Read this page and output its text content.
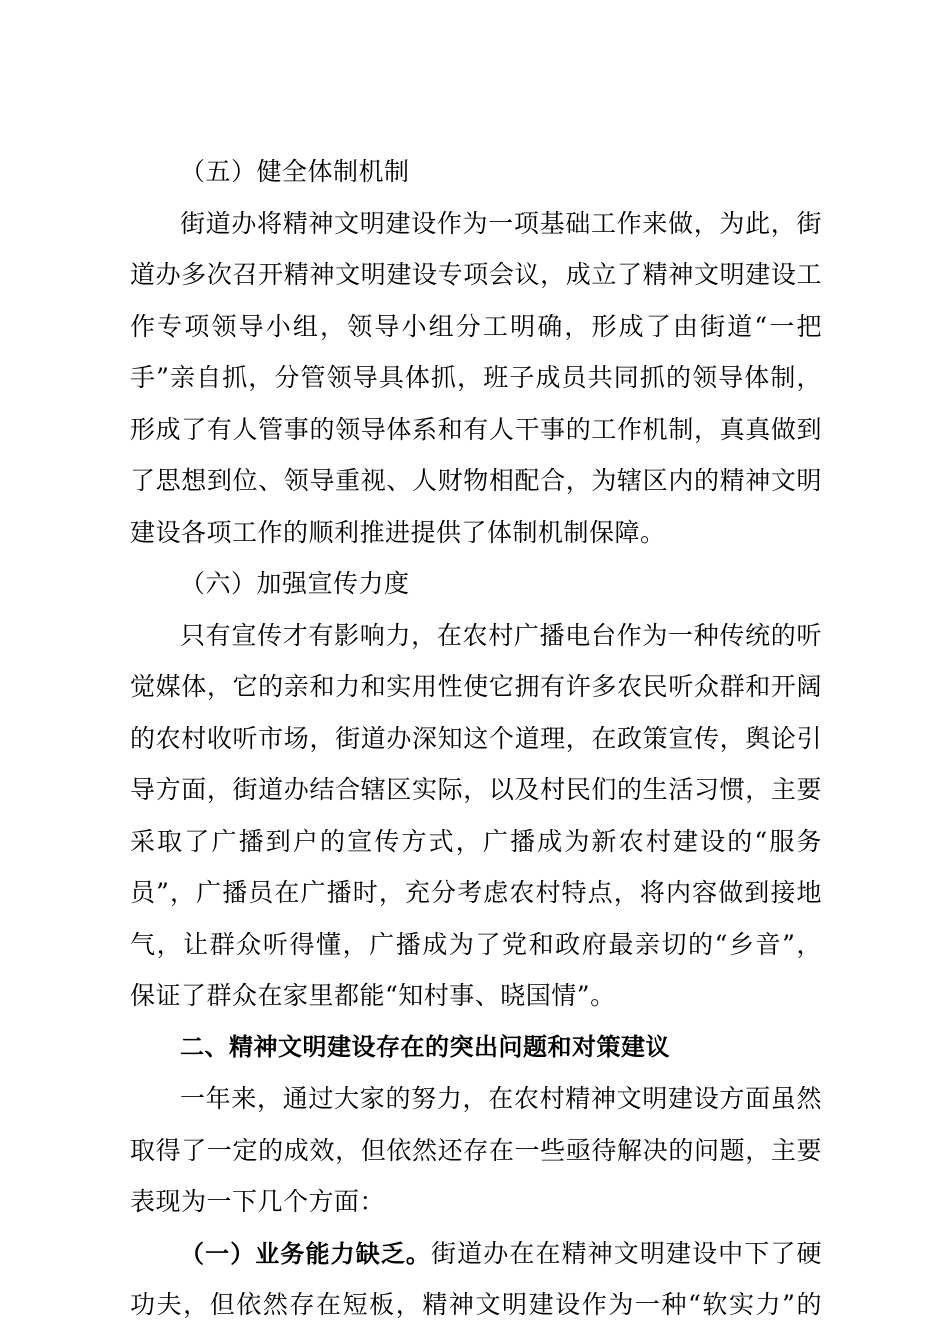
（五）健全体制机制
街道办将精神文明建设作为一项基础工作来做，为此，街
道办多次召开精神文明建设专项会议，成立了精神文明建设工
作专项领导小组，领导小组分工明确，形成了由街道“一把
手”亲自抓，分管领导具体抓，班子成员共同抓的领导体制，
形成了有人管事的领导体系和有人干事的工作机制，真真做到
了思想到位、领导重视、人财物相配合，为辖区内的精神文明
建设各项工作的顺利推进提供了体制机制保障。
（六）加强宣传力度
只有宣传才有影响力，在农村广播电台作为一种传统的听
觉媒体，它的亲和力和实用性使它拥有许多农民听众群和开阔
的农村收听市场，街道办深知这个道理，在政策宣传，舆论引
导方面，街道办结合辖区实际，以及村民们的生活习惯，主要
采取了广播到户的宣传方式，广播成为新农村建设的“服务
员”，广播员在广播时，充分考虑农村特点，将内容做到接地
气，让群众听得懂，广播成为了党和政府最亲切的“乡音”，
保证了群众在家里都能“知村事、晓国情”。
二、精神文明建设存在的突出问题和对策建议
一年来，通过大家的努力，在农村精神文明建设方面虽然
取得了一定的成效，但依然还存在一些亟待解决的问题，主要
表现为一下几个方面：
（一）业务能力缺乏。街道办在在精神文明建设中下了硬
功夫，但依然存在短板，精神文明建设作为一种“软实力”的
